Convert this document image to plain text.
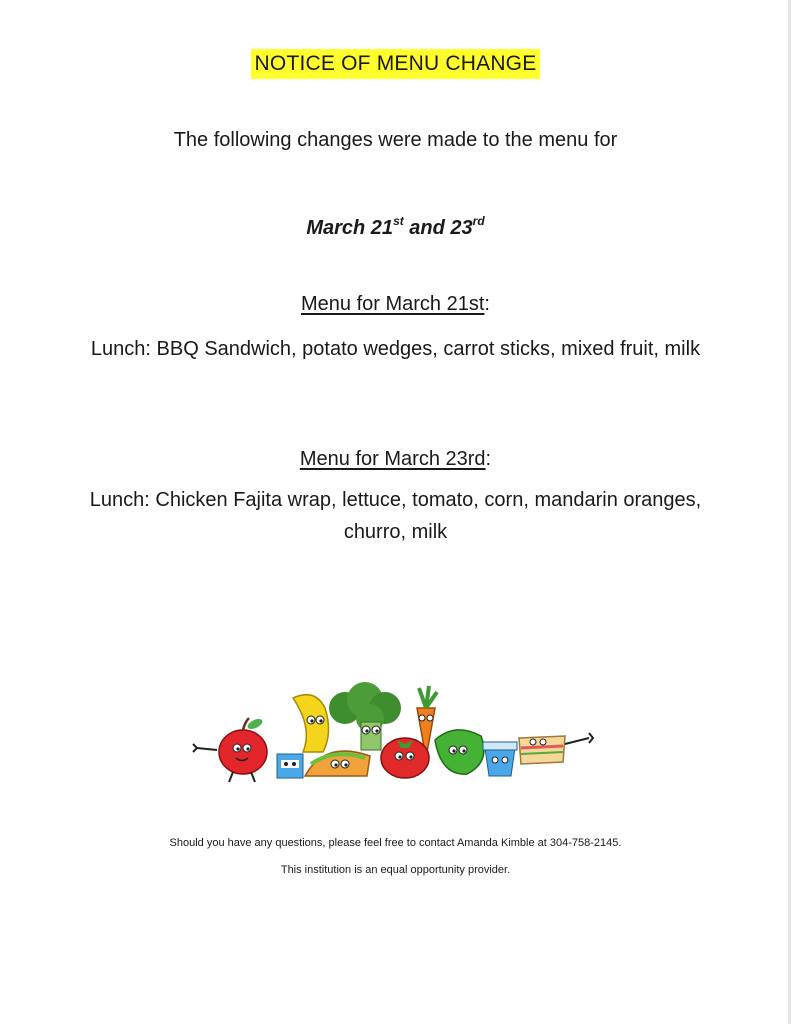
NOTICE OF MENU CHANGE
The following changes were made to the menu for
March 21st and 23rd
Menu for March 21st:
Lunch: BBQ Sandwich, potato wedges, carrot sticks, mixed fruit, milk
Menu for March 23rd:
Lunch: Chicken Fajita wrap, lettuce, tomato, corn, mandarin oranges, churro, milk
Should you have any questions, please feel free to contact Amanda Kimble at 304-758-2145.
This institution is an equal opportunity provider.
